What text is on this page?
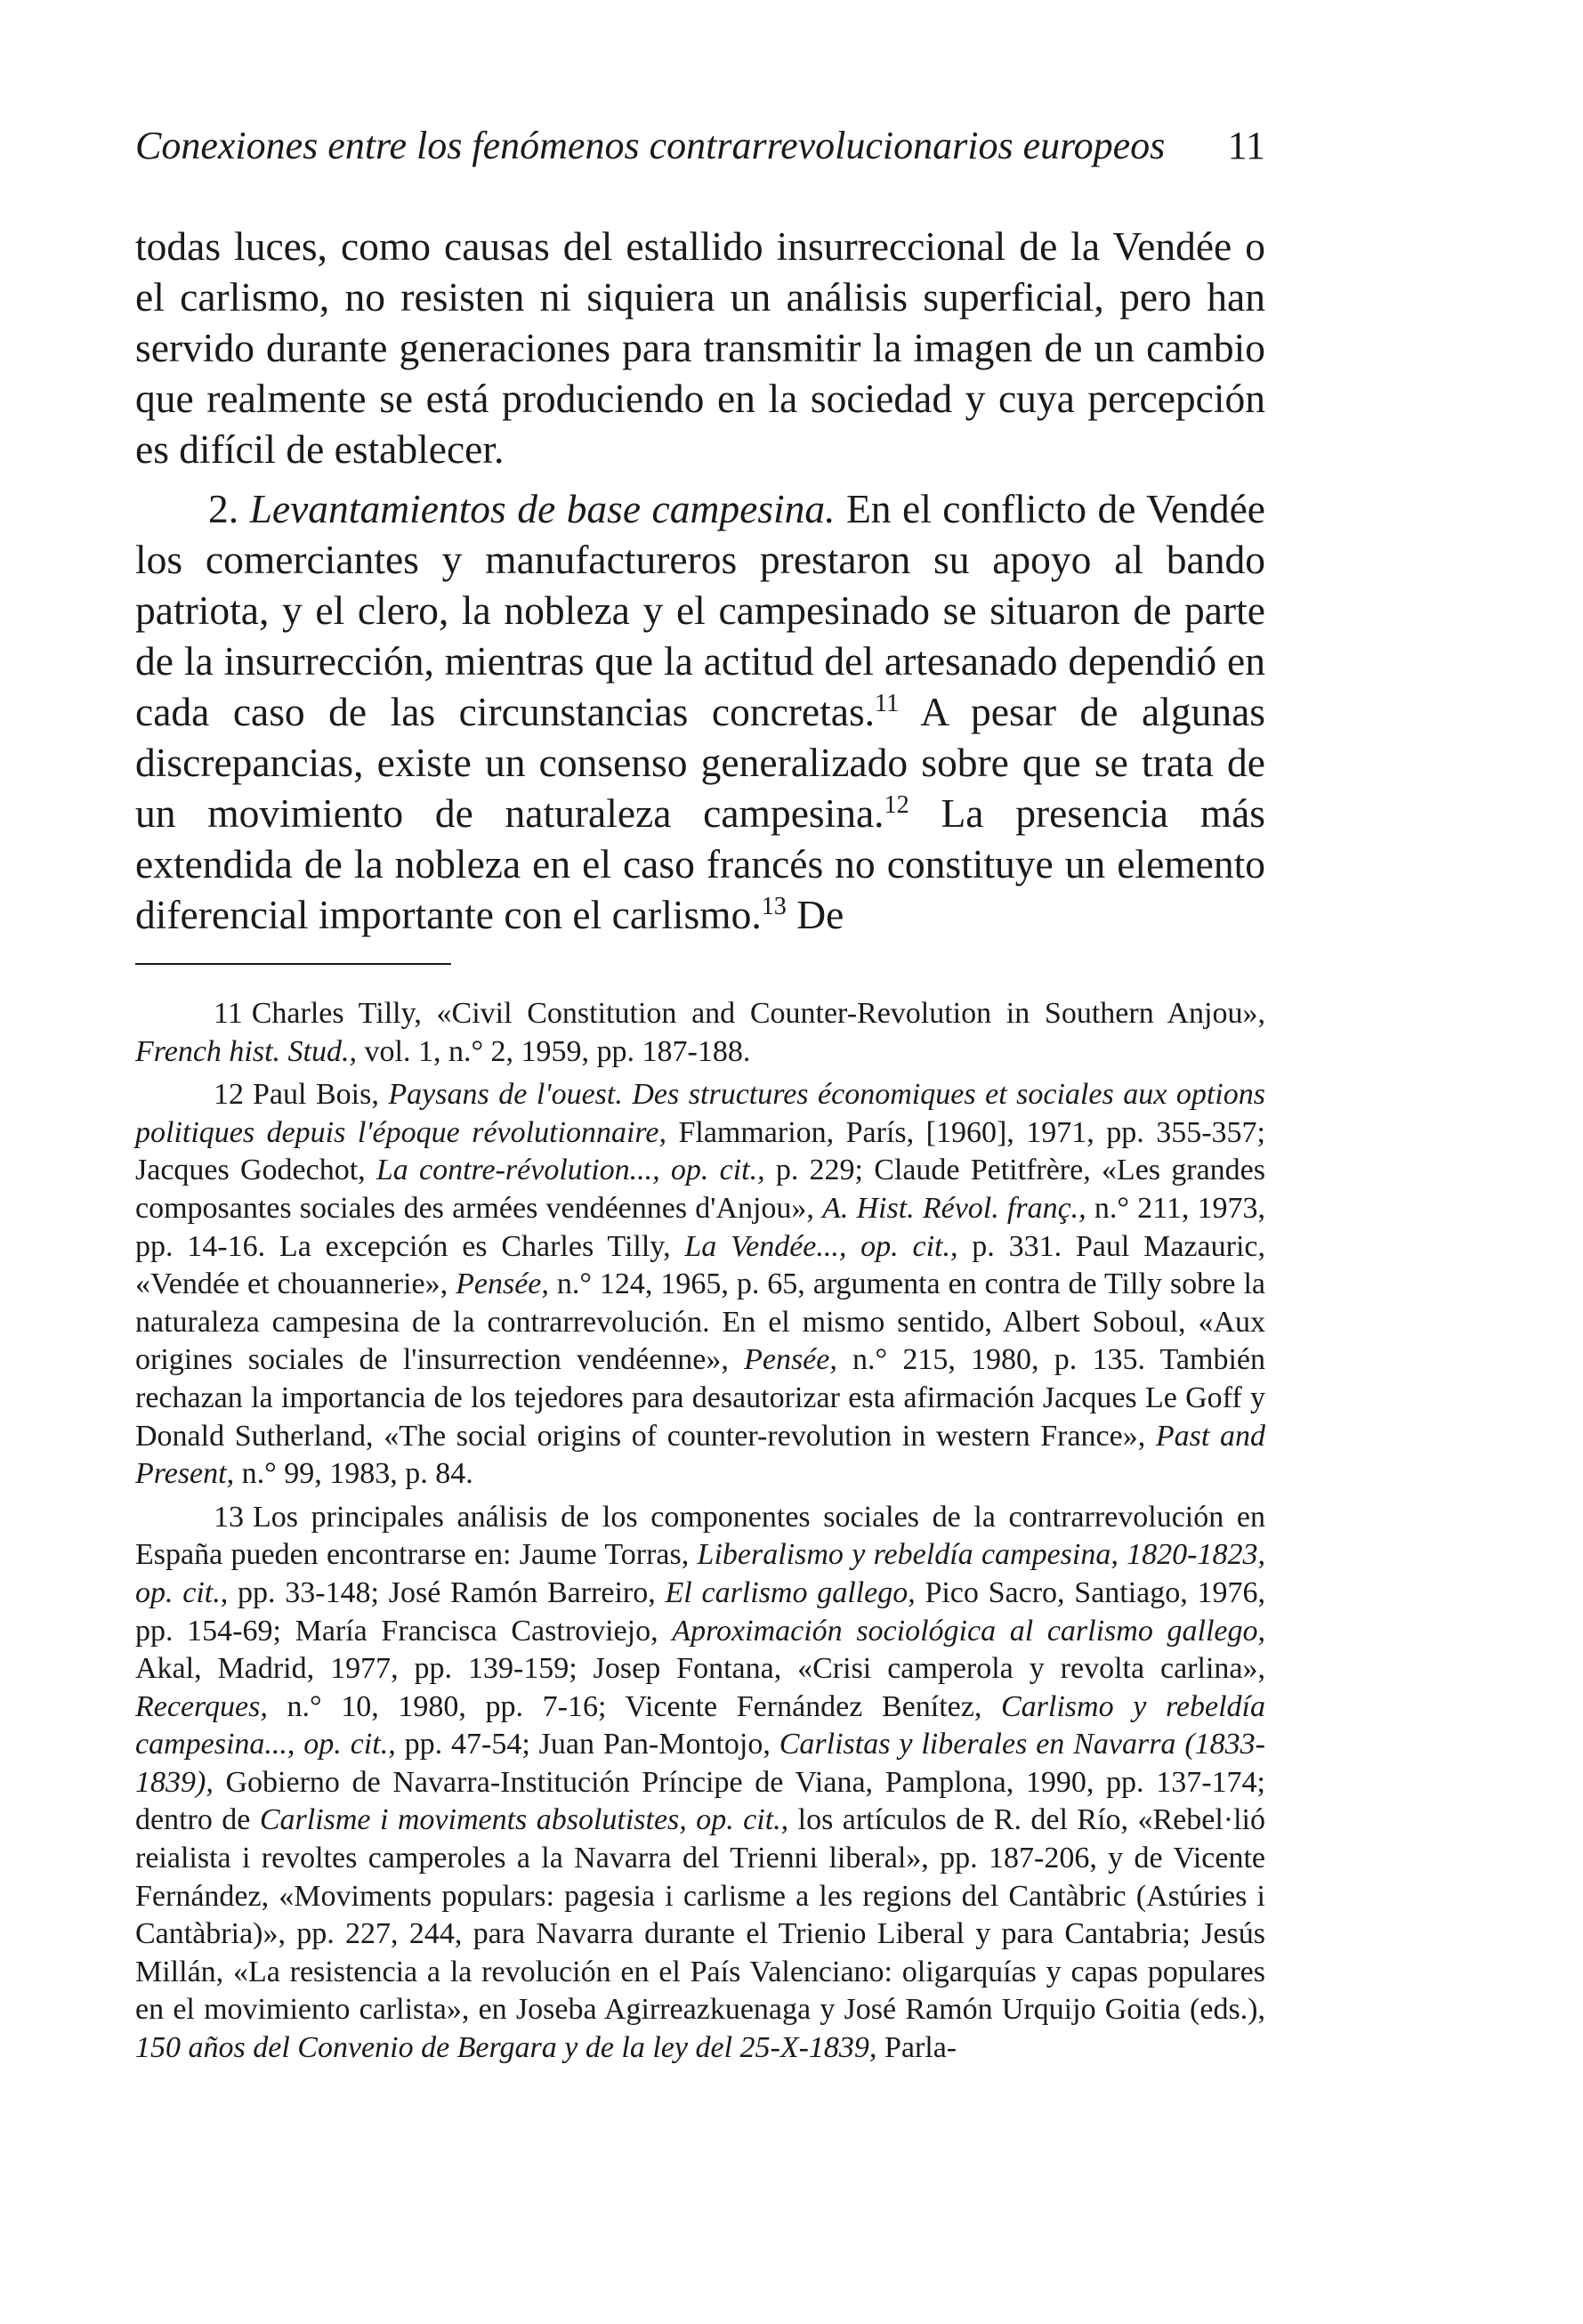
Conexiones entre los fenómenos contrarrevolucionarios europeos 11

todas luces, como causas del estallido insurreccional de la Vendée o el carlismo, no resisten ni siquiera un análisis superficial, pero han servido durante generaciones para transmitir la imagen de un cambio que realmente se está produciendo en la sociedad y cuya percepción es difícil de establecer.

2. Levantamientos de base campesina. En el conflicto de Vendée los comerciantes y manufactureros prestaron su apoyo al bando patriota, y el clero, la nobleza y el campesinado se situaron de parte de la insurrección, mientras que la actitud del artesanado dependió en cada caso de las circunstancias concretas.$^{11}$ A pesar de algunas discrepancias, existe un consenso generalizado sobre que se trata de un movimiento de naturaleza campesina.$^{12}$ La presencia más extendida de la nobleza en el caso francés no constituye un elemento diferencial importante con el carlismo.$^{13}$ De

11 Charles Tilly, «Civil Constitution and Counter-Revolution in Southern Anjou», French hist. Stud., vol. 1, n.° 2, 1959, pp. 187-188.

12 Paul Bois, Paysans de l'ouest. Des structures économiques et sociales aux options politiques depuis l'époque révolutionnaire, Flammarion, París, [1960], 1971, pp. 355-357; Jacques Godechot, La contre-révolution..., op. cit., p. 229; Claude Petitfrère, «Les grandes composantes sociales des armées vendéennes d'Anjou», A. Hist. Révol. franç., n.° 211, 1973, pp. 14-16. La excepción es Charles Tilly, La Vendée..., op. cit., p. 331. Paul Mazauric, «Vendée et chouannerie», Pensée, n.° 124, 1965, p. 65, argumenta en contra de Tilly sobre la naturaleza campesina de la contrarrevolución. En el mismo sentido, Albert Soboul, «Aux origines sociales de l'insurrection vendéenne», Pensée, n.° 215, 1980, p. 135. También rechazan la importancia de los tejedores para desautorizar esta afirmación Jacques Le Goff y Donald Sutherland, «The social origins of counter-revolution in western France», Past and Present, n.° 99, 1983, p. 84.

13 Los principales análisis de los componentes sociales de la contrarrevolución en España pueden encontrarse en: Jaume Torras, Liberalismo y rebeldía campesina, 1820-1823, op. cit., pp. 33-148; José Ramón Barreiro, El carlismo gallego, Pico Sacro, Santiago, 1976, pp. 154-69; María Francisca Castroviejo, Aproximación sociológica al carlismo gallego, Akal, Madrid, 1977, pp. 139-159; Josep Fontana, «Crisi camperola y revolta carlina», Recerques, n.° 10, 1980, pp. 7-16; Vicente Fernández Benítez, Carlismo y rebeldía campesina..., op. cit., pp. 47-54; Juan Pan-Montojo, Carlistas y liberales en Navarra (1833-1839), Gobierno de Navarra-Institución Príncipe de Viana, Pamplona, 1990, pp. 137-174; dentro de Carlisme i moviments absolutistes, op. cit., los artículos de R. del Río, «Rebel·lió reialista i revoltes camperoles a la Navarra del Trienni liberal», pp. 187-206, y de Vicente Fernández, «Moviments populars: pagesia i carlisme a les regions del Cantàbric (Astúries i Cantàbria)», pp. 227, 244, para Navarra durante el Trienio Liberal y para Cantabria; Jesús Millán, «La resistencia a la revolución en el País Valenciano: oligarquías y capas populares en el movimiento carlista», en Joseba Agirreazkuenaga y José Ramón Urquijo Goitia (eds.), 150 años del Convenio de Bergara y de la ley del 25-X-1839, Parla-
